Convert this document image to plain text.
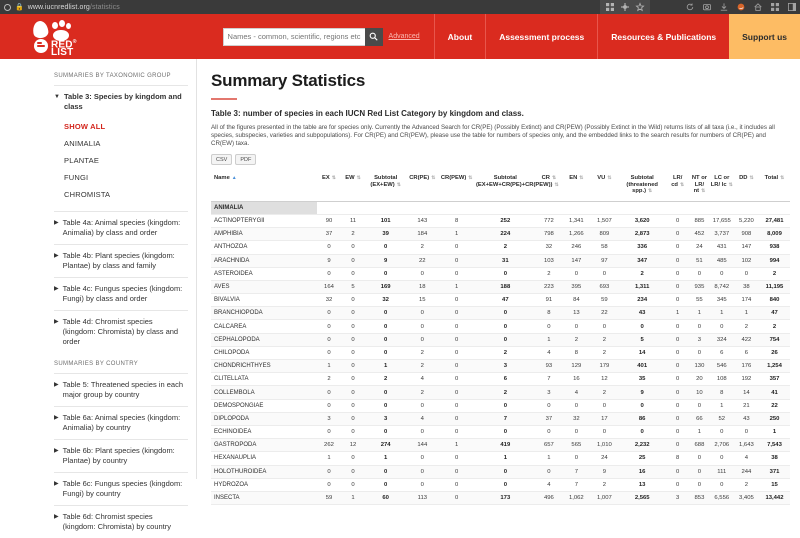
🔒 www.iucnredlist.org/statistics
RED®
LIST
Names - common, scientific, regions etc...
Advanced	About	Assessment process	Resources & Publications	Support us
SUMMARIES BY TAXONOMIC GROUP
▼ Table 3: Species by kingdom and class
SHOW ALL
ANIMALIA
PLANTAE
FUNGI
CHROMISTA
▶ Table 4a: Animal species (kingdom: Animalia) by class and order
▶ Table 4b: Plant species (kingdom: Plantae) by class and family
▶ Table 4c: Fungus species (kingdom: Fungi) by class and order
▶ Table 4d: Chromist species (kingdom: Chromista) by class and order
SUMMARIES BY COUNTRY
▶ Table 5: Threatened species in each major group by country
▶ Table 6a: Animal species (kingdom: Animalia) by country
▶ Table 6b: Plant species (kingdom: Plantae) by country
▶ Table 6c: Fungus species (kingdom: Fungi) by country
▶ Table 6d: Chromist species (kingdom: Chromista) by country
Summary Statistics
Table 3: number of species in each IUCN Red List Category by kingdom and class.
All of the figures presented in the table are for species only. Currently the Advanced Search for CR(PE) (Possibly Extinct) and CR(PEW) (Possibly Extinct in the Wild) returns lists of all taxa (i.e., it includes all species, subspecies, varieties and subpopulations). For CR(PE) and CR(PEW), please use the table for numbers of species only, and the embedded links to the search results for numbers of CR(PE) and CR(EW) taxa.
CSV	PDF
Name ▲	EX ⇅	EW ⇅	Subtotal (EX+EW) ⇅	CR(PE) ⇅	CR(PEW) ⇅	Subtotal (EX+EW+CR(PE)+CR(PEW)) ⇅	CR ⇅	EN ⇅	VU ⇅	Subtotal (threatened spp.) ⇅	LR/ cd ⇅	NT or LR/ nt ⇅	LC or LR/ lc ⇅	DD ⇅	Total ⇅
ANIMALIA															
ACTINOPTERYGII	90	11	101	143	8	252	772	1,341	1,507	3,620	0	885	17,655	5,220	27,481
AMPHIBIA	37	2	39	184	1	224	798	1,266	809	2,873	0	452	3,737	908	8,009
ANTHOZOA	0	0	0	2	0	2	32	246	58	336	0	24	431	147	938
ARACHNIDA	9	0	9	22	0	31	103	147	97	347	0	51	485	102	994
ASTEROIDEA	0	0	0	0	0	0	2	0	0	2	0	0	0	0	2
AVES	164	5	169	18	1	188	223	395	693	1,311	0	935	8,742	38	11,195
BIVALVIA	32	0	32	15	0	47	91	84	59	234	0	55	345	174	840
BRANCHIOPODA	0	0	0	0	0	0	8	13	22	43	1	1	1	1	47
CALCAREA	0	0	0	0	0	0	0	0	0	0	0	0	0	2	2
CEPHALOPODA	0	0	0	0	0	0	1	2	2	5	0	3	324	422	754
CHILOPODA	0	0	0	2	0	2	4	8	2	14	0	0	6	6	26
CHONDRICHTHYES	1	0	1	2	0	3	93	129	179	401	0	130	546	176	1,254
CLITELLATA	2	0	2	4	0	6	7	16	12	35	0	20	108	192	357
COLLEMBOLA	0	0	0	2	0	2	3	4	2	9	0	10	8	14	41
DEMOSPONGIAE	0	0	0	0	0	0	0	0	0	0	0	0	1	21	22
DIPLOPODA	3	0	3	4	0	7	37	32	17	86	0	66	52	43	250
ECHINOIDEA	0	0	0	0	0	0	0	0	0	0	0	1	0	0	1
GASTROPODA	262	12	274	144	1	419	657	565	1,010	2,232	0	688	2,706	1,643	7,543
HEXANAUPLIA	1	0	1	0	0	1	1	0	24	25	8	0	0	4	38
HOLOTHUROIDEA	0	0	0	0	0	0	0	7	9	16	0	0	111	244	371
HYDROZOA	0	0	0	0	0	0	4	7	2	13	0	0	0	2	15
INSECTA	59	1	60	113	0	173	496	1,062	1,007	2,565	3	853	6,556	3,405	13,442
